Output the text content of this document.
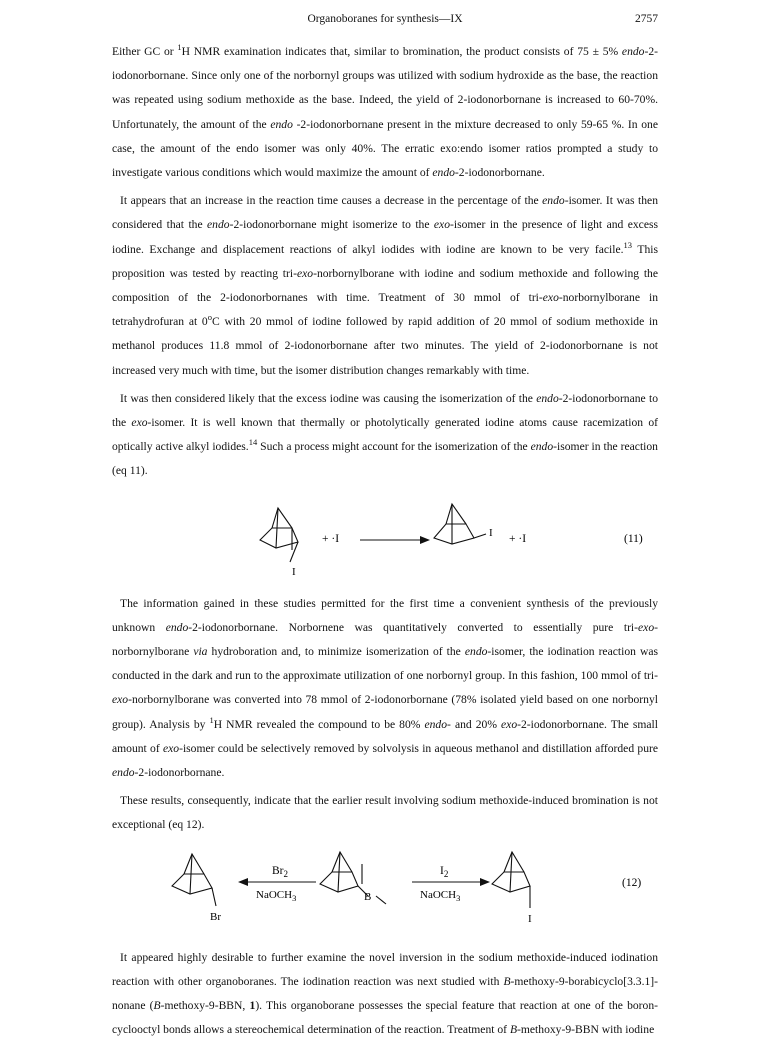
Organoboranes for synthesis—IX	2757

Either GC or $^1$H NMR examination indicates that, similar to bromination, the product consists of 75 ± 5% endo-2-iodonorbornane. Since only one of the norbornyl groups was utilized with sodium hydroxide as the base, the reaction was repeated using sodium methoxide as the base. Indeed, the yield of 2-iodonorbornane is increased to 60-70%. Unfortunately, the amount of the endo -2-iodonorbornane present in the mixture decreased to only 59-65 %. In one case, the amount of the endo isomer was only 40%. The erratic exo:endo isomer ratios prompted a study to investigate various conditions which would maximize the amount of endo-2-iodonorbornane.

It appears that an increase in the reaction time causes a decrease in the percentage of the endo-isomer. It was then considered that the endo-2-iodonorbornane might isomerize to the exo-isomer in the presence of light and excess iodine. Exchange and displacement reactions of alkyl iodides with iodine are known to be very facile.$^{13}$ This proposition was tested by reacting tri-exo-norbornylborane with iodine and sodium methoxide and following the composition of the 2-iodonorbornanes with time. Treatment of 30 mmol of tri-exo-norbornylborane in tetrahydrofuran at 0$^o$C with 20 mmol of iodine followed by rapid addition of 20 mmol of sodium methoxide in methanol produces 11.8 mmol of 2-iodonorbornane after two minutes. The yield of 2-iodonorbornane is not increased very much with time, but the isomer distribution changes remarkably with time.

It was then considered likely that the excess iodine was causing the isomerization of the endo-2-iodonorbornane to the exo-isomer. It is well known that thermally or photolytically generated iodine atoms cause racemization of optically active alkyl iodides.$^{14}$ Such a process might account for the isomerization of the endo-isomer in the reaction (eq 11).

I
+ ·I	I + ·I	(11)

The information gained in these studies permitted for the first time a convenient synthesis of the previously unknown endo-2-iodonorbornane. Norbornene was quantitatively converted to essentially pure tri-exo-norbornylborane via hydroboration and, to minimize isomerization of the endo-isomer, the iodination reaction was conducted in the dark and run to the approximate utilization of one norbornyl group. In this fashion, 100 mmol of tri-exo-norbornylborane was converted into 78 mmol of 2-iodonorbornane (78% isolated yield based on one norbornyl group). Analysis by $^1$H NMR revealed the compound to be 80% endo- and 20% exo-2-iodonorbornane. The small amount of exo-isomer could be selectively removed by solvolysis in aqueous methanol and distillation afforded pure endo-2-iodonorbornane.

These results, consequently, indicate that the earlier result involving sodium methoxide-induced bromination is not exceptional (eq 12).

$Br_2$
NaOCH$_3$
Br
B
$I_2$
NaOCH$_3$
I
(12)

It appeared highly desirable to further examine the novel inversion in the sodium methoxide-induced iodination reaction with other organoboranes. The iodination reaction was next studied with B-methoxy-9-borabicyclo[3.3.1]-nonane (B-methoxy-9-BBN, 1). This organoborane possesses the special feature that reaction at one of the boron-cyclooctyl bonds allows a stereochemical determination of the reaction. Treatment of B-methoxy-9-BBN with iodine
